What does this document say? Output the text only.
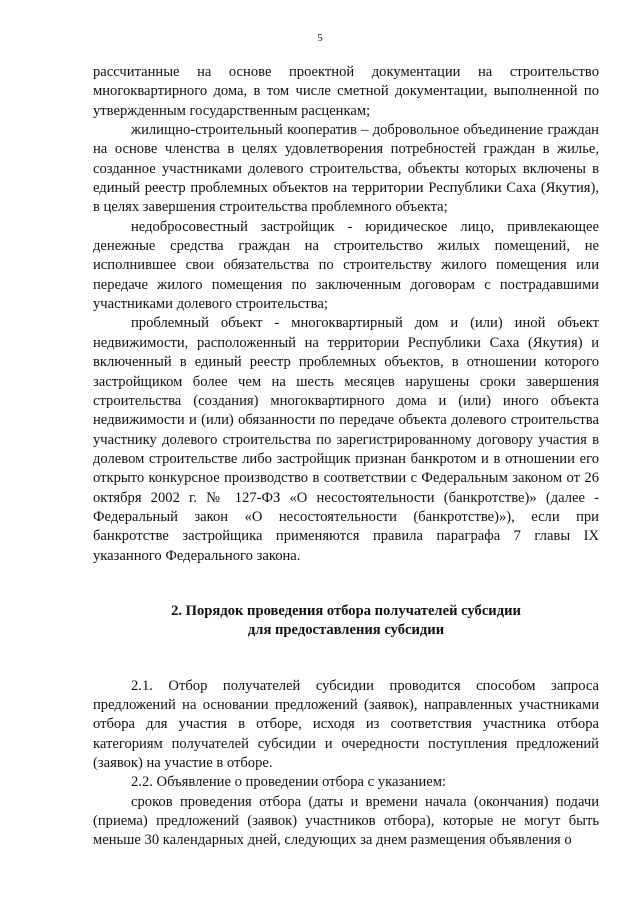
5

рассчитанные на основе проектной документации на строительство многоквартирного дома, в том числе сметной документации, выполненной по утвержденным государственным расценкам;

жилищно-строительный кооператив – добровольное объединение граждан на основе членства в целях удовлетворения потребностей граждан в жилье, созданное участниками долевого строительства, объекты которых включены в единый реестр проблемных объектов на территории Республики Саха (Якутия), в целях завершения строительства проблемного объекта;

недобросовестный застройщик - юридическое лицо, привлекающее денежные средства граждан на строительство жилых помещений, не исполнившее свои обязательства по строительству жилого помещения или передаче жилого помещения по заключенным договорам с пострадавшими участниками долевого строительства;

проблемный объект - многоквартирный дом и (или) иной объект недвижимости, расположенный на территории Республики Саха (Якутия) и включенный в единый реестр проблемных объектов, в отношении которого застройщиком более чем на шесть месяцев нарушены сроки завершения строительства (создания) многоквартирного дома и (или) иного объекта недвижимости и (или) обязанности по передаче объекта долевого строительства участнику долевого строительства по зарегистрированному договору участия в долевом строительстве либо застройщик признан банкротом и в отношении его открыто конкурсное производство в соответствии с Федеральным законом от 26 октября 2002 г. № 127-ФЗ «О несостоятельности (банкротстве)» (далее - Федеральный закон «О несостоятельности (банкротстве)»), если при банкротстве застройщика применяются правила параграфа 7 главы IX указанного Федерального закона.

2. Порядок проведения отбора получателей субсидии
для предоставления субсидии

2.1. Отбор получателей субсидии проводится способом запроса предложений на основании предложений (заявок), направленных участниками отбора для участия в отборе, исходя из соответствия участника отбора категориям получателей субсидии и очередности поступления предложений (заявок) на участие в отборе.

2.2. Объявление о проведении отбора с указанием:

сроков проведения отбора (даты и времени начала (окончания) подачи (приема) предложений (заявок) участников отбора), которые не могут быть меньше 30 календарных дней, следующих за днем размещения объявления о
